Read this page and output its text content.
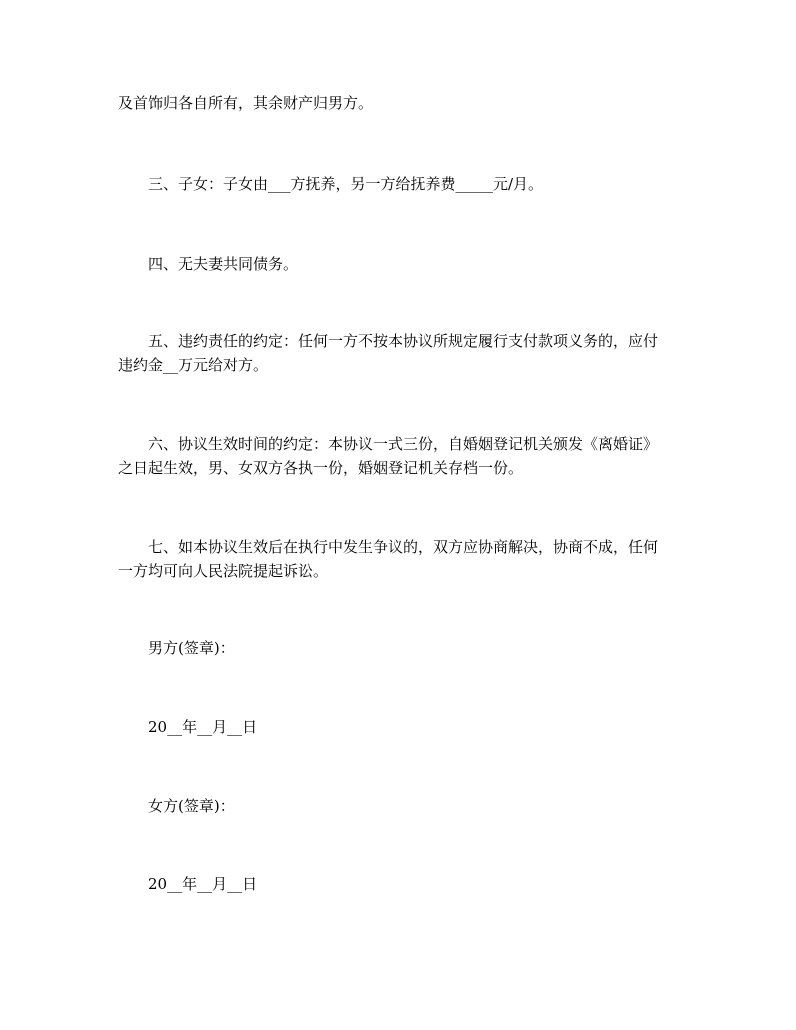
及首饰归各自所有，其余财产归男方。

三、子女：子女由___方抚养，另一方给抚养费_____元/月。

四、无夫妻共同债务。

五、违约责任的约定：任何一方不按本协议所规定履行支付款项义务的，应付

违约金__万元给对方。

六、协议生效时间的约定：本协议一式三份，自婚姻登记机关颁发《离婚证》

之日起生效，男、女双方各执一份，婚姻登记机关存档一份。

七、如本协议生效后在执行中发生争议的，双方应协商解决，协商不成，任何

一方均可向人民法院提起诉讼。

男方(签章)：

20__年__月__日

女方(签章)：

20__年__月__日
